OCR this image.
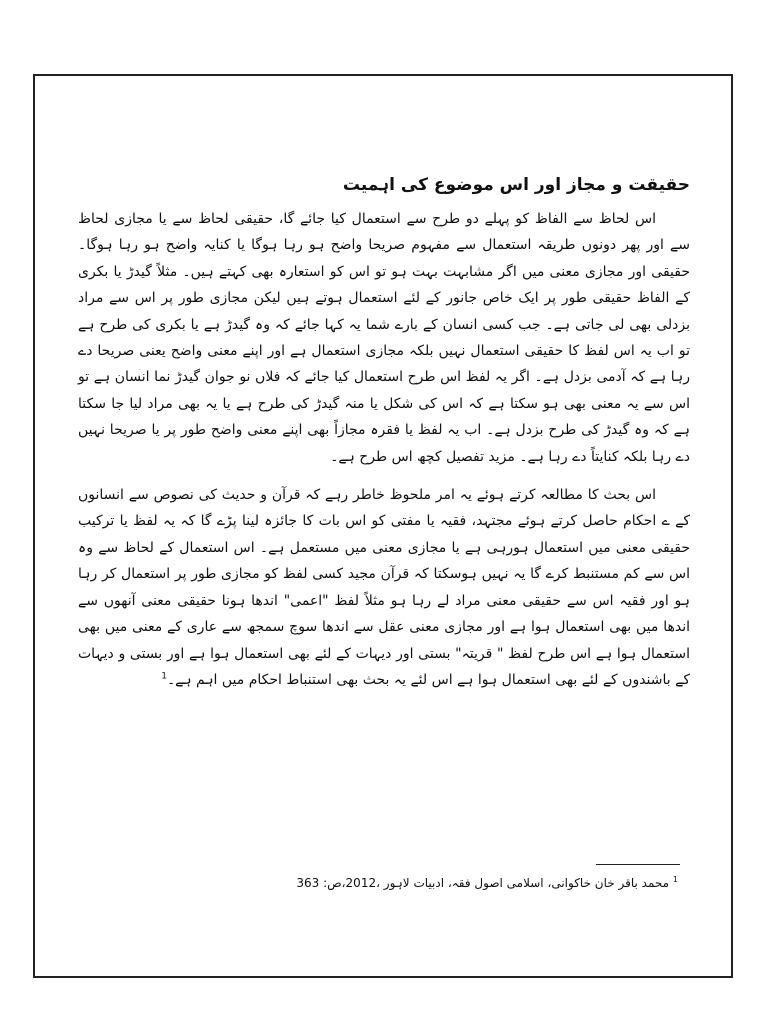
حقیقت و مجاز اور اس موضوع کی اہمیت

اس لحاظ سے الفاظ کو پہلے دو طرح سے استعمال کیا جائے گا، حقیقی لحاظ سے یا مجازی لحاظ سے اور پھر دونوں طریقہ استعمال سے مفہوم صریحا واضح ہو رہا ہوگا یا کنایہ واضح ہو رہا ہوگا۔ حقیقی اور مجازی معنی میں اگر مشابہت بہت ہو تو اس کو استعارہ بھی کہتے ہیں۔ مثلاً گیدڑ یا بکری کے الفاظ حقیقی طور پر ایک خاص جانور کے لئے استعمال ہوتے ہیں لیکن مجازی طور پر اس سے مراد بزدلی بھی لی جاتی ہے۔ جب کسی انسان کے بارے شما یہ کہا جائے کہ وہ گیدڑ ہے یا بکری کی طرح ہے تو اب یہ اس لفظ کا حقیقی استعمال نہیں بلکہ مجازی استعمال ہے اور اپنے معنی واضح یعنی صریحا دے رہا ہے کہ آدمی بزدل ہے۔ اگر یہ لفظ اس طرح استعمال کیا جائے کہ فلاں نو جوان گیدڑ نما انسان ہے تو اس سے یہ معنی بھی ہو سکتا ہے کہ اس کی شکل یا منہ گیدڑ کی طرح ہے یا یہ بھی مراد لیا جا سکتا ہے کہ وہ گیدڑ کی طرح بزدل ہے۔ اب یہ لفظ یا فقرہ مجازاً بھی اپنے معنی واضح طور پر یا صریحا نہیں دے رہا بلکہ کنایتاً دے رہا ہے۔ مزید تفصیل کچھ اس طرح ہے۔

اس بحث کا مطالعہ کرتے ہوئے یہ امر ملحوظ خاطر رہے کہ قرآن و حدیث کی نصوص سے انسانوں کے ے احکام حاصل کرتے ہوئے مجتہد، فقیہ یا مفتی کو اس بات کا جائزہ لینا پڑے گا کہ یہ لفظ یا ترکیب حقیقی معنی میں استعمال ہورہی ہے یا مجازی معنی میں مستعمل ہے۔ اس استعمال کے لحاظ سے وہ اس سے کم مستنبط کرے گا یہ نہیں ہوسکتا کہ قرآن مجید کسی لفظ کو مجازی طور پر استعمال کر رہا ہو اور فقیہ اس سے حقیقی معنی مراد لے رہا ہو مثلاً لفظ "اعمی" اندھا ہونا حقیقی معنی آنھوں سے اندھا میں بھی استعمال ہوا ہے اور مجازی معنی عقل سے اندھا سوچ سمجھ سے عاری کے معنی میں بھی استعمال ہوا ہے اس طرح لفظ " قریتہ" بستی اور دیہات کے لئے بھی استعمال ہوا ہے اور بستی و دیہات کے باشندوں کے لئے بھی استعمال ہوا ہے اس لئے یہ بحث بھی استنباط احکام میں اہم ہے۔$^1$

$^1$ محمد باقر خان خاکوانی، اسلامی اصول فقہ، ادبیات لاہور ،2012،ص: 363
